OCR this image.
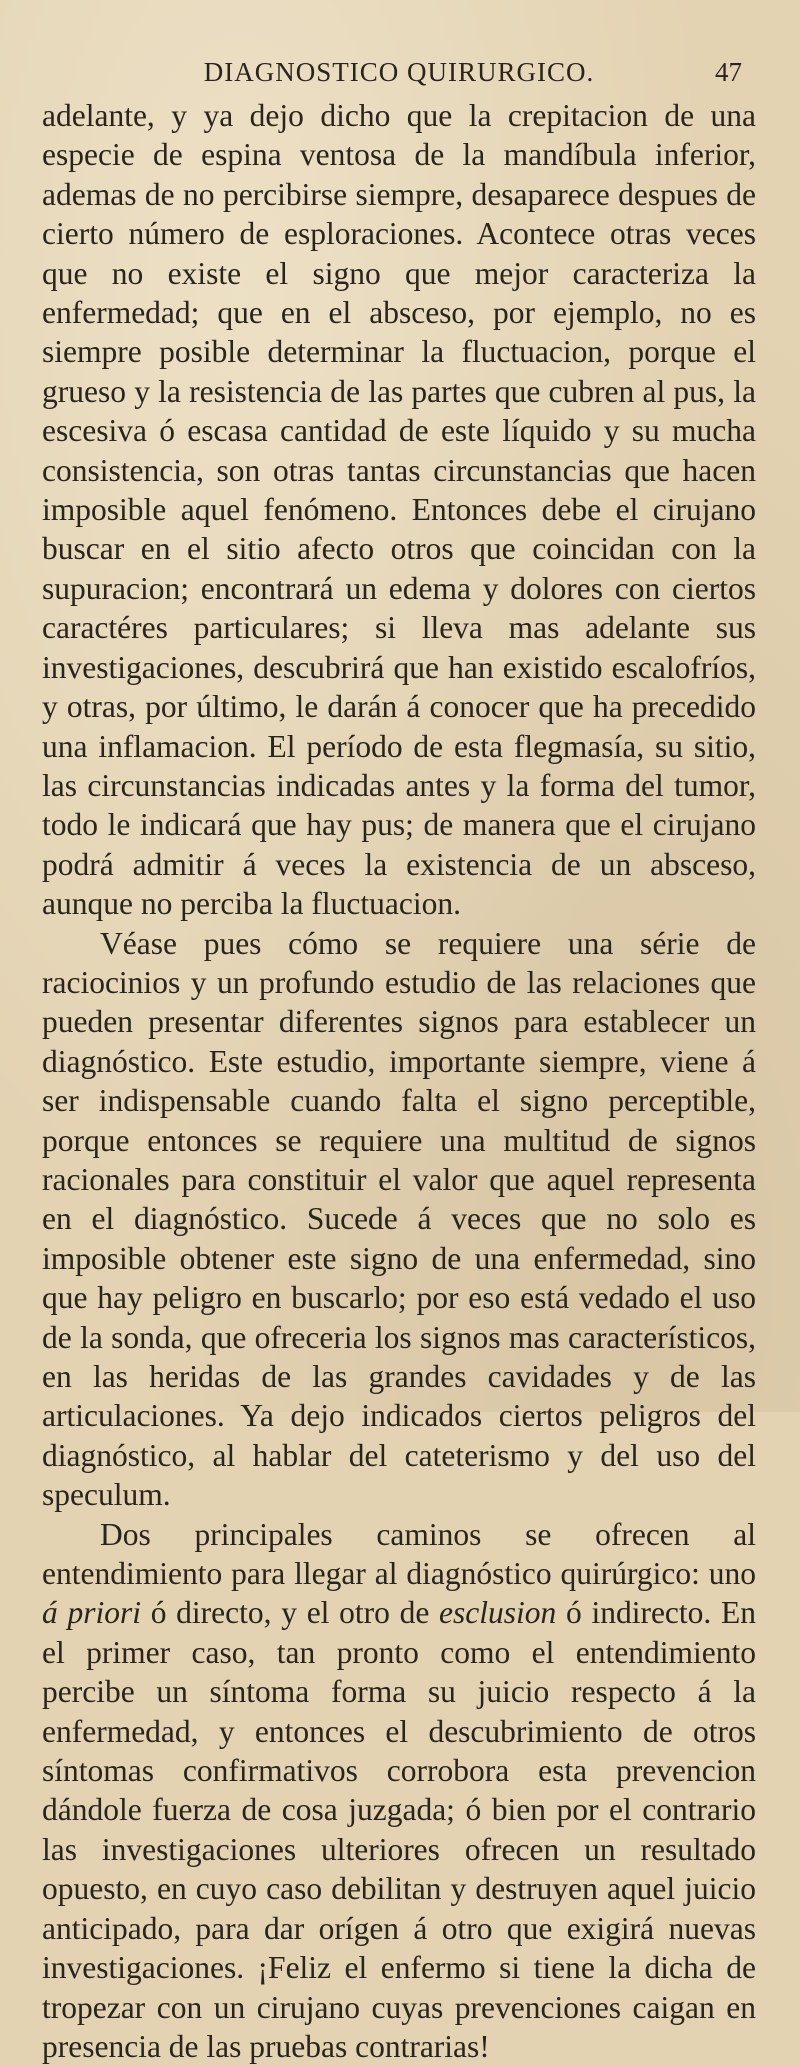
DIAGNOSTICO QUIRURGICO.	47

adelante, y ya dejo dicho que la crepitacion de una especie de espina ventosa de la mandíbula inferior, ademas de no percibirse siempre, desaparece despues de cierto número de esploraciones. Acontece otras veces que no existe el signo que mejor caracteriza la enfermedad; que en el absceso, por ejemplo, no es siempre posible determinar la fluctuacion, porque el grueso y la resistencia de las partes que cubren al pus, la escesiva ó escasa cantidad de este líquido y su mucha consistencia, son otras tantas circunstancias que hacen imposible aquel fenómeno. Entonces debe el cirujano buscar en el sitio afecto otros que coincidan con la supuracion; encontrará un edema y dolores con ciertos caractéres particulares; si lleva mas adelante sus investigaciones, descubrirá que han existido escalofríos, y otras, por último, le darán á conocer que ha precedido una inflamacion. El período de esta flegmasía, su sitio, las circunstancias indicadas antes y la forma del tumor, todo le indicará que hay pus; de manera que el cirujano podrá admitir á veces la existencia de un absceso, aunque no perciba la fluctuacion.

Véase pues cómo se requiere una série de raciocinios y un profundo estudio de las relaciones que pueden presentar diferentes signos para establecer un diagnóstico. Este estudio, importante siempre, viene á ser indispensable cuando falta el signo perceptible, porque entonces se requiere una multitud de signos racionales para constituir el valor que aquel representa en el diagnóstico. Sucede á veces que no solo es imposible obtener este signo de una enfermedad, sino que hay peligro en buscarlo; por eso está vedado el uso de la sonda, que ofreceria los signos mas característicos, en las heridas de las grandes cavidades y de las articulaciones. Ya dejo indicados ciertos peligros del diagnóstico, al hablar del cateterismo y del uso del speculum.

Dos principales caminos se ofrecen al entendimiento para llegar al diagnóstico quirúrgico: uno á priori ó directo, y el otro de esclusion ó indirecto. En el primer caso, tan pronto como el entendimiento percibe un síntoma forma su juicio respecto á la enfermedad, y entonces el descubrimiento de otros síntomas confirmativos corrobora esta prevencion dándole fuerza de cosa juzgada; ó bien por el contrario las investigaciones ulteriores ofrecen un resultado opuesto, en cuyo caso debilitan y destruyen aquel juicio anticipado, para dar orígen á otro que exigirá nuevas investigaciones. ¡Feliz el enfermo si tiene la dicha de tropezar con un cirujano cuyas prevenciones caigan en presencia de las pruebas contrarias!
